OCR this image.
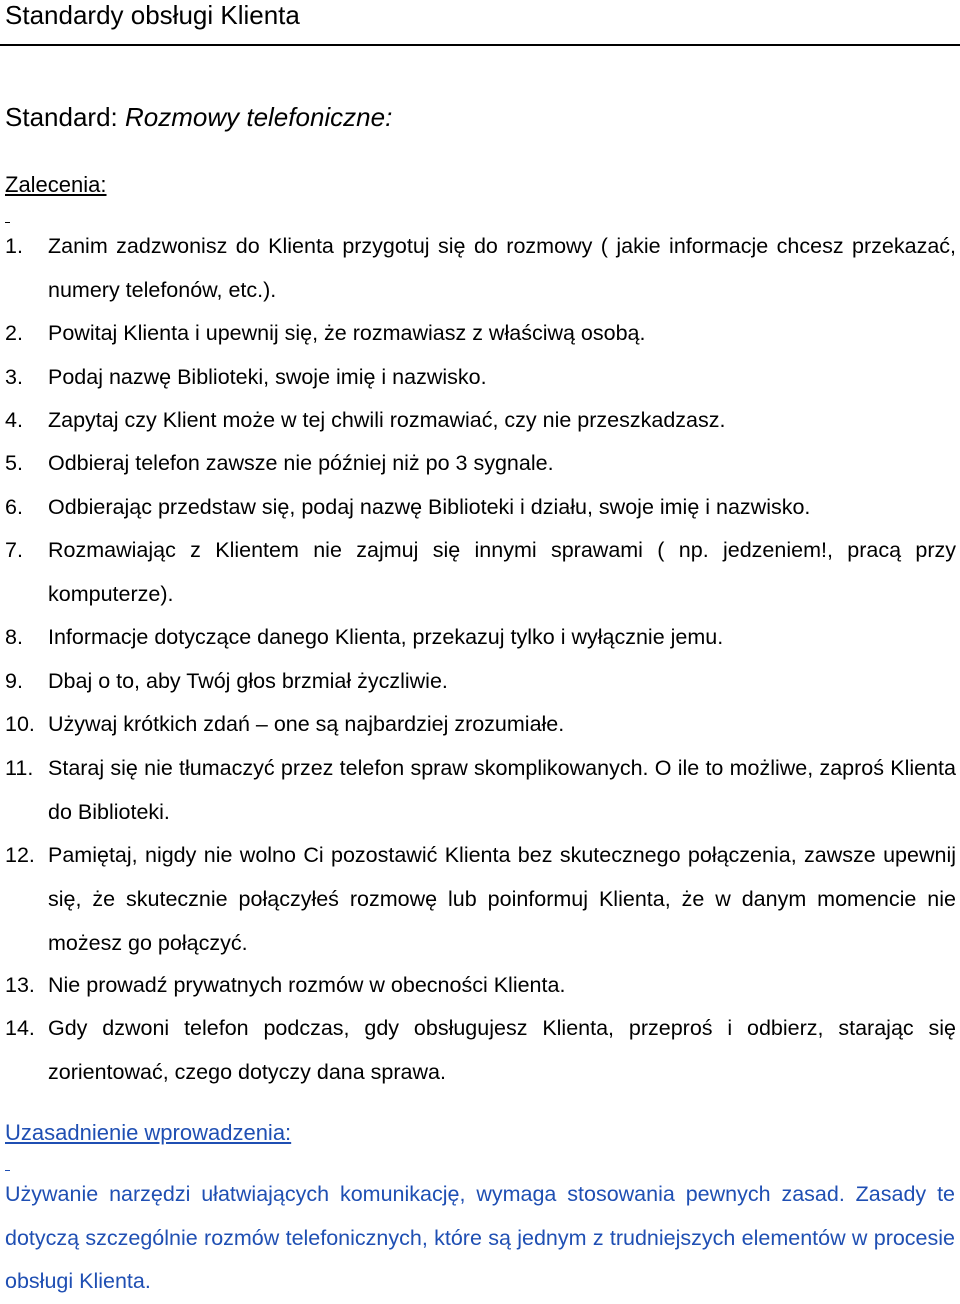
Standardy obsługi Klienta
Standard: Rozmowy telefoniczne:
Zalecenia:
1. Zanim zadzwonisz do Klienta przygotuj się do rozmowy ( jakie informacje chcesz przekazać, numery telefonów, etc.).
2. Powitaj Klienta i upewnij się, że rozmawiasz z właściwą osobą.
3. Podaj nazwę Biblioteki, swoje imię i nazwisko.
4. Zapytaj czy Klient może w tej chwili rozmawiać, czy nie przeszkadzasz.
5. Odbieraj telefon zawsze nie później niż po 3 sygnale.
6. Odbierając przedstaw się, podaj nazwę Biblioteki i działu, swoje imię i nazwisko.
7. Rozmawiając z Klientem nie zajmuj się innymi sprawami ( np. jedzeniem!, pracą przy komputerze).
8. Informacje dotyczące danego Klienta, przekazuj tylko i wyłącznie jemu.
9. Dbaj o to, aby Twój głos brzmiał życzliwie.
10. Używaj krótkich zdań – one są najbardziej zrozumiałe.
11. Staraj się nie tłumaczyć przez telefon spraw skomplikowanych. O ile to możliwe, zaproś Klienta do Biblioteki.
12. Pamiętaj, nigdy nie wolno Ci pozostawić Klienta bez skutecznego połączenia, zawsze upewnij się, że skutecznie połączyłeś rozmowę lub poinformuj Klienta, że w danym momencie nie możesz go połączyć.
13. Nie prowadź prywatnych rozmów w obecności Klienta.
14. Gdy dzwoni telefon podczas, gdy obsługujesz Klienta, przeproś i odbierz, starając się zorientować, czego dotyczy dana sprawa.
Uzasadnienie wprowadzenia:

Używanie narzędzi ułatwiających komunikację, wymaga stosowania pewnych zasad. Zasady te dotyczą szczególnie rozmów telefonicznych, które są jednym z trudniejszych elementów w procesie obsługi Klienta.
